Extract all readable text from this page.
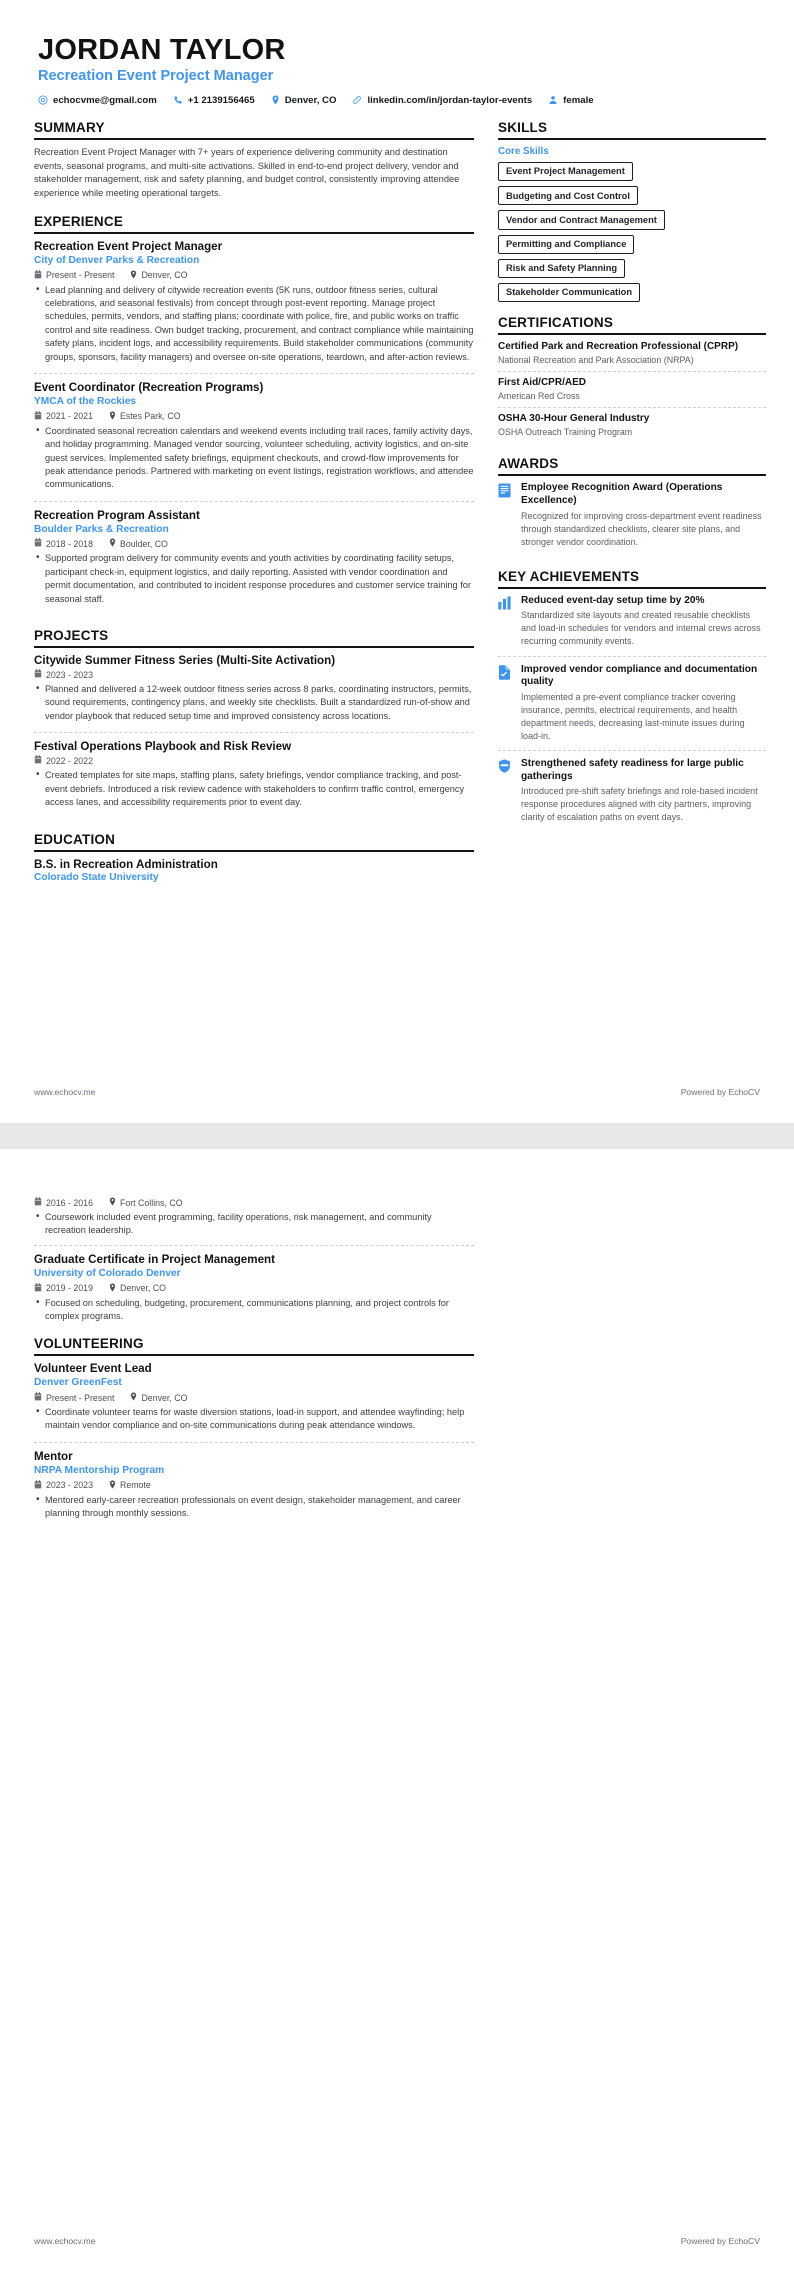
JORDAN TAYLOR
Recreation Event Project Manager
echocvme@gmail.com	+1 2139156465	Denver, CO	linkedin.com/in/jordan-taylor-events	female
SUMMARY
Recreation Event Project Manager with 7+ years of experience delivering community and destination events, seasonal programs, and multi-site activations. Skilled in end-to-end project delivery, vendor and stakeholder management, risk and safety planning, and budget control, consistently improving attendee experience while meeting operational targets.
EXPERIENCE
Recreation Event Project Manager
City of Denver Parks & Recreation
Present - Present	Denver, CO
• Lead planning and delivery of citywide recreation events (5K runs, outdoor fitness series, cultural celebrations, and seasonal festivals) from concept through post-event reporting. Manage project schedules, permits, vendors, and staffing plans; coordinate with police, fire, and public works on traffic control and site readiness. Own budget tracking, procurement, and contract compliance while maintaining safety plans, incident logs, and accessibility requirements. Build stakeholder communications (community groups, sponsors, facility managers) and oversee on-site operations, teardown, and after-action reviews.
Event Coordinator (Recreation Programs)
YMCA of the Rockies
2021 - 2021	Estes Park, CO
• Coordinated seasonal recreation calendars and weekend events including trail races, family activity days, and holiday programming. Managed vendor sourcing, volunteer scheduling, activity logistics, and on-site guest services. Implemented safety briefings, equipment checkouts, and crowd-flow improvements for peak attendance periods. Partnered with marketing on event listings, registration workflows, and attendee communications.
Recreation Program Assistant
Boulder Parks & Recreation
2018 - 2018	Boulder, CO
• Supported program delivery for community events and youth activities by coordinating facility setups, participant check-in, equipment logistics, and daily reporting. Assisted with vendor coordination and permit documentation, and contributed to incident response procedures and customer service training for seasonal staff.
PROJECTS
Citywide Summer Fitness Series (Multi-Site Activation)
2023 - 2023
• Planned and delivered a 12-week outdoor fitness series across 8 parks, coordinating instructors, permits, sound requirements, contingency plans, and weekly site checklists. Built a standardized run-of-show and vendor playbook that reduced setup time and improved consistency across locations.
Festival Operations Playbook and Risk Review
2022 - 2022
• Created templates for site maps, staffing plans, safety briefings, vendor compliance tracking, and post-event debriefs. Introduced a risk review cadence with stakeholders to confirm traffic control, emergency access lanes, and accessibility requirements prior to event day.
EDUCATION
B.S. in Recreation Administration
Colorado State University
SKILLS
Core Skills
Event Project Management
Budgeting and Cost Control
Vendor and Contract Management
Permitting and Compliance
Risk and Safety Planning
Stakeholder Communication
CERTIFICATIONS
Certified Park and Recreation Professional (CPRP)
National Recreation and Park Association (NRPA)
First Aid/CPR/AED
American Red Cross
OSHA 30-Hour General Industry
OSHA Outreach Training Program
AWARDS
Employee Recognition Award (Operations Excellence)
Recognized for improving cross-department event readiness through standardized checklists, clearer site plans, and stronger vendor coordination.
KEY ACHIEVEMENTS
Reduced event-day setup time by 20%
Standardized site layouts and created reusable checklists and load-in schedules for vendors and internal crews across recurring community events.
Improved vendor compliance and documentation quality
Implemented a pre-event compliance tracker covering insurance, permits, electrical requirements, and health department needs, decreasing last-minute issues during load-in.
Strengthened safety readiness for large public gatherings
Introduced pre-shift safety briefings and role-based incident response procedures aligned with city partners, improving clarity of escalation paths on event days.
www.echocv.me	Powered by EchoCV
2016 - 2016	Fort Collins, CO
• Coursework included event programming, facility operations, risk management, and community recreation leadership.
Graduate Certificate in Project Management
University of Colorado Denver
2019 - 2019	Denver, CO
• Focused on scheduling, budgeting, procurement, communications planning, and project controls for complex programs.
VOLUNTEERING
Volunteer Event Lead
Denver GreenFest
Present - Present	Denver, CO
• Coordinate volunteer teams for waste diversion stations, load-in support, and attendee wayfinding; help maintain vendor compliance and on-site communications during peak attendance windows.
Mentor
NRPA Mentorship Program
2023 - 2023	Remote
• Mentored early-career recreation professionals on event design, stakeholder management, and career planning through monthly sessions.
www.echocv.me	Powered by EchoCV
